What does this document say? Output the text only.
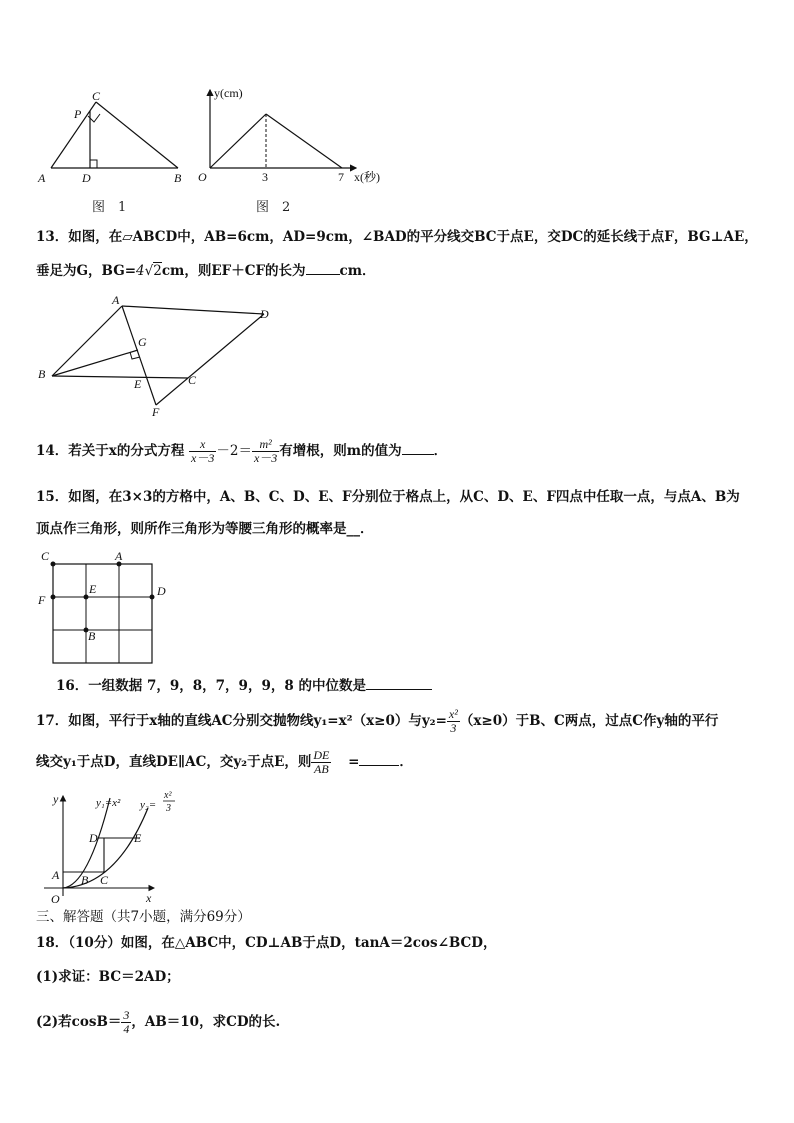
A	D	B
C
P
图　1
y(cm)
x(秒)
O	3	7
图　2
13．如图，在▱ABCD中，AB=6cm，AD=9cm，∠BAD的平分线交BC于点E，交DC的延长线于点F，BG⊥AE，
垂足为G，BG=4√2cm，则EF＋CF的长为	cm．
A
D
B	C
E
F
G
14．若关于x的分式方程 $\frac{x}{x-3} -2= \frac{\text{m²}}{x-3}$ 有增根，则m的值为 ．
15．如图，在3×3的方格中，A、B、C、D、E、F分别位于格点上，从C、D、E、F四点中任取一点，与点A、B为
顶点作三角形，则所作三角形为等腰三角形的概率是__．
C	A
F
E	D
B
16．一组数据 7，9，8，7，9，9，8 的中位数是
17．如图，平行于x轴的直线AC分别交抛物线y₁=x²（x≥0）与$y_2= \frac{\text{x²}}{3} (x\ge 0)$于B、C两点，过点C作y轴的平行
线交y₁于点D，直线DE∥AC，交y₂于点E，则 $\frac{DE}{AB}$ =	．
y
x
O
y₁=x² y₂=
x²
3
A B C
D	E
三、解答题（共7小题，满分69分）
18．（10分）如图，在△ABC中，CD⊥AB于点D，tanA＝2cos∠BCD，
(1)求证：BC＝2AD；
(2)若$\cos B= \frac{3}{4}$ ，AB＝10，求CD的长.
